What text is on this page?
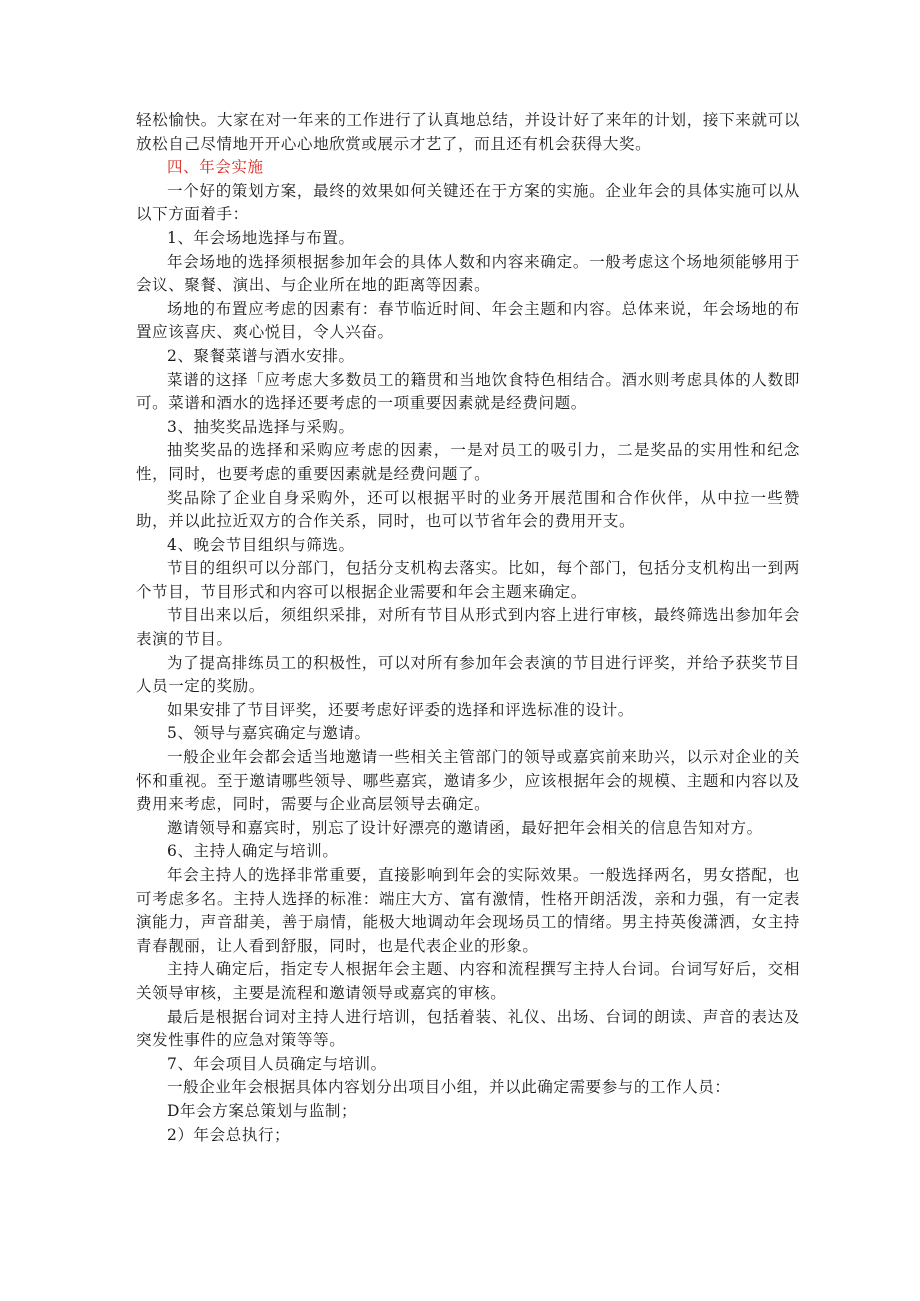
轻松愉快。大家在对一年来的工作进行了认真地总结，并设计好了来年的计划，接下来就可以放松自己尽情地开开心心地欣赏或展示才艺了，而且还有机会获得大奖。

四、年会实施

一个好的策划方案，最终的效果如何关键还在于方案的实施。企业年会的具体实施可以从以下方面着手：

1、年会场地选择与布置。

年会场地的选择须根据参加年会的具体人数和内容来确定。一般考虑这个场地须能够用于会议、聚餐、演出、与企业所在地的距离等因素。

场地的布置应考虑的因素有：春节临近时间、年会主题和内容。总体来说，年会场地的布置应该喜庆、爽心悦目，令人兴奋。

2、聚餐菜谱与酒水安排。

菜谱的这择「应考虑大多数员工的籍贯和当地饮食特色相结合。酒水则考虑具体的人数即可。菜谱和酒水的选择还要考虑的一项重要因素就是经费问题。

3、抽奖奖品选择与采购。

抽奖奖品的选择和采购应考虑的因素，一是对员工的吸引力，二是奖品的实用性和纪念性，同时，也要考虑的重要因素就是经费问题了。

奖品除了企业自身采购外，还可以根据平时的业务开展范围和合作伙伴，从中拉一些赞助，并以此拉近双方的合作关系，同时，也可以节省年会的费用开支。

4、晚会节目组织与筛选。

节目的组织可以分部门，包括分支机构去落实。比如，每个部门，包括分支机构出一到两个节目，节目形式和内容可以根据企业需要和年会主题来确定。

节目出来以后，须组织采排，对所有节目从形式到内容上进行审核，最终筛选出参加年会表演的节目。

为了提高排练员工的积极性，可以对所有参加年会表演的节目进行评奖，并给予获奖节目人员一定的奖励。

如果安排了节目评奖，还要考虑好评委的选择和评选标准的设计。

5、领导与嘉宾确定与邀请。

一般企业年会都会适当地邀请一些相关主管部门的领导或嘉宾前来助兴，以示对企业的关怀和重视。至于邀请哪些领导、哪些嘉宾，邀请多少，应该根据年会的规模、主题和内容以及费用来考虑，同时，需要与企业高层领导去确定。

邀请领导和嘉宾时，别忘了设计好漂亮的邀请函，最好把年会相关的信息告知对方。

6、主持人确定与培训。

年会主持人的选择非常重要，直接影响到年会的实际效果。一般选择两名，男女搭配，也可考虑多名。主持人选择的标准：端庄大方、富有激情，性格开朗活泼，亲和力强，有一定表演能力，声音甜美，善于扇情，能极大地调动年会现场员工的情绪。男主持英俊潇洒，女主持青春靓丽，让人看到舒服，同时，也是代表企业的形象。

主持人确定后，指定专人根据年会主题、内容和流程撰写主持人台词。台词写好后，交相关领导审核，主要是流程和邀请领导或嘉宾的审核。

最后是根据台词对主持人进行培训，包括着装、礼仪、出场、台词的朗读、声音的表达及突发性事件的应急对策等等。

7、年会项目人员确定与培训。

一般企业年会根据具体内容划分出项目小组，并以此确定需要参与的工作人员：

D年会方案总策划与监制；

2）年会总执行；
